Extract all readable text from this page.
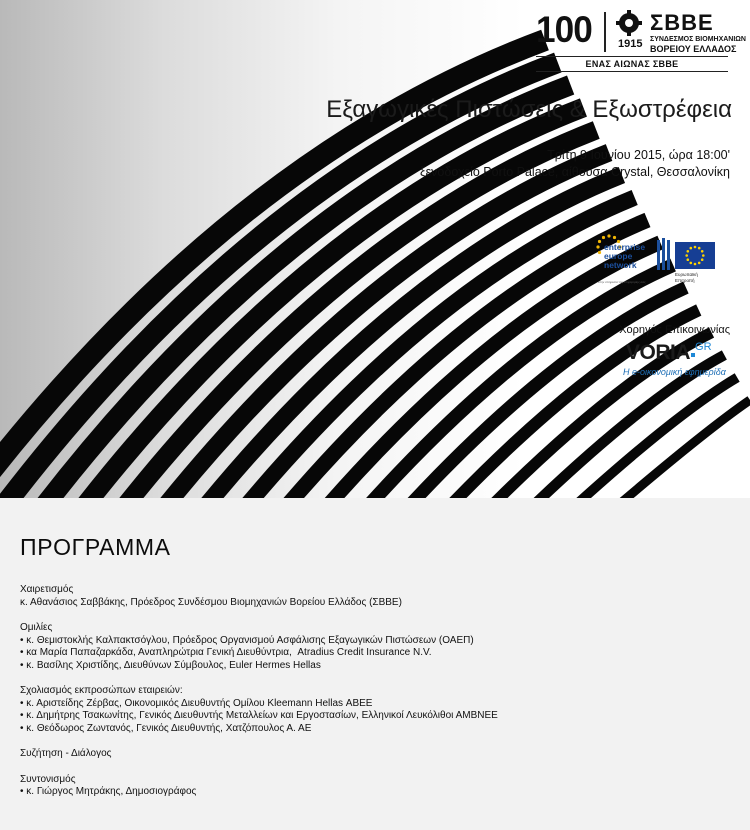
100 1915
ΣΒΒΕ
ΣΥΝΔΕΣΜΟΣ ΒΙΟΜΗΧΑΝΙΩΝ
ΒΟΡΕΙΟΥ ΕΛΛΑΔΟΣ
ΕΝΑΣ ΑΙΩΝΑΣ ΣΒΒΕ
Εξαγωγικές Πιστώσεις & Εξωστρέφεια
Τρίτη 9 Ιουνίου 2015, ώρα 18:00'
ξενοδοχείο Porto Palace, αίθουσα Crystal, Θεσσαλονίκη
enterprise
europe
network
στην υπηρεσία της επιχείρησης σας
Ευρωπαϊκή
Επιτροπή
Χορηγός Επικοινωνίας
VORIA $^{GR}$
Η e-οικονομική εφημερίδα
ΠΡΟΓΡΑΜΜΑ

Χαιρετισμός

κ. Αθανάσιος Σαββάκης, Πρόεδρος Συνδέσμου Βιομηχανιών Βορείου Ελλάδος (ΣΒΒΕ)

Ομιλίες

• κ. Θεμιστοκλής Καλπακτσόγλου, Πρόεδρος Οργανισμού Ασφάλισης Εξαγωγικών Πιστώσεων (ΟΑΕΠ)

• κα Μαρία Παπαζαρκάδα, Αναπληρώτρια Γενική Διευθύντρια,  Atradius Credit Insurance N.V.

• κ. Βασίλης Χριστίδης, Διευθύνων Σύμβουλος, Euler Hermes Hellas

Σχολιασμός εκπροσώπων εταιρειών:

• κ. Αριστείδης Ζέρβας, Οικονομικός Διευθυντής Ομίλου Kleemann Hellas ΑΒΕΕ

• κ. Δημήτρης Τσακωνίτης, Γενικός Διευθυντής Μεταλλείων και Εργοστασίων, Ελληνικοί Λευκόλιθοι ΑΜΒΝΕΕ

• κ. Θεόδωρος Ζωντανός, Γενικός Διευθυντής, Χατζόπουλος Α. ΑΕ

Συζήτηση - Διάλογος

Συντονισμός

• κ. Γιώργος Μητράκης, Δημοσιογράφος
